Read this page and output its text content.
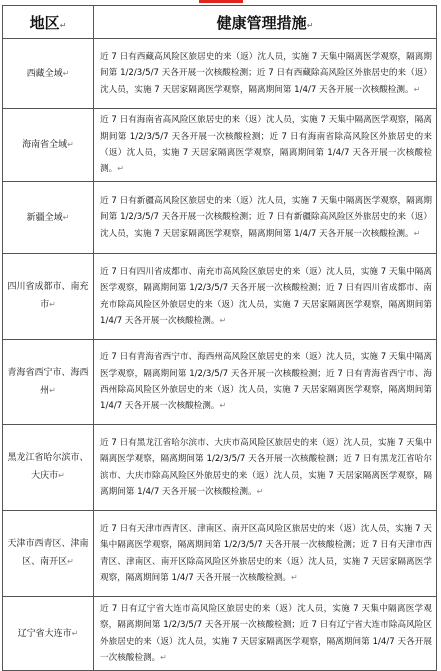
地区↵	健康管理措施↵
西藏全域↵	近 7 日有西藏高风险区旅居史的来（返）沈人员，实施 7 天集中隔离医学观察，隔离期间第 1/2/3/5/7 天各开展一次核酸检测；近 7 日有西藏除高风险区外旅居史的来（返）沈人员，实施 7 天居家隔离医学观察，隔离期间第 1/4/7 天各开展一次核酸检测。↵
海南省全域↵	近 7 日有海南省高风险区旅居史的来（返）沈人员，实施 7 天集中隔离医学观察，隔离期间第 1/2/3/5/7 天各开展一次核酸检测；近 7 日有海南省除高风险区外旅居史的来（返）沈人员，实施 7 天居家隔离医学观察，隔离期间第 1/4/7 天各开展一次核酸检测。↵
新疆全域↵	近 7 日有新疆高风险区旅居史的来（返）沈人员，实施 7 天集中隔离医学观察，隔离期间第 1/2/3/5/7 天各开展一次核酸检测；近 7 日有新疆除高风险区外旅居史的来（返）沈人员，实施 7 天居家隔离医学观察，隔离期间第 1/4/7 天各开展一次核酸检测。↵
四川省成都市、南充市↵	近 7 日有四川省成都市、南充市高风险区旅居史的来（返）沈人员，实施 7 天集中隔离医学观察，隔离期间第 1/2/3/5/7 天各开展一次核酸检测；近 7 日有四川省成都市、南充市除高风险区外旅居史的来（返）沈人员，实施 7 天居家隔离医学观察，隔离期间第 1/4/7 天各开展一次核酸检测。↵
青海省西宁市、海西州↵	近 7 日有青海省西宁市、海西州高风险区旅居史的来（返）沈人员，实施 7 天集中隔离医学观察，隔离期间第 1/2/3/5/7 天各开展一次核酸检测；近 7 日有青海省西宁市、海西州除高风险区外旅居史的来（返）沈人员，实施 7 天居家隔离医学观察，隔离期间第 1/4/7 天各开展一次核酸检测。↵
黑龙江省哈尔滨市、大庆市↵	近 7 日有黑龙江省哈尔滨市、大庆市高风险区旅居史的来（返）沈人员，实施 7 天集中隔离医学观察，隔离期间第 1/2/3/5/7 天各开展一次核酸检测；近 7 日有黑龙江省哈尔滨市、大庆市除高风险区外旅居史的来（返）沈人员，实施 7 天居家隔离医学观察，隔离期间第 1/4/7 天各开展一次核酸检测。↵
天津市西青区、津南区、南开区↵	近 7 日有天津市西青区、津南区、南开区高风险区旅居史的来（返）沈人员，实施 7 天集中隔离医学观察，隔离期间第 1/2/3/5/7 天各开展一次核酸检测；近 7 日有天津市西青区、津南区、南开区除高风险区外旅居史的来（返）沈人员，实施 7 天居家隔离医学观察，隔离期间第 1/4/7 天各开展一次核酸检测。↵
辽宁省大连市↵	近 7 日有辽宁省大连市高风险区旅居史的来（返）沈人员，实施 7 天集中隔离医学观察，隔离期间第 1/2/3/5/7 天各开展一次核酸检测；近 7 日有辽宁省大连市除高风险区外旅居史的来（返）沈人员，实施 7 天居家隔离医学观察，隔离期间第 1/4/7 天各开展一次核酸检测。↵
